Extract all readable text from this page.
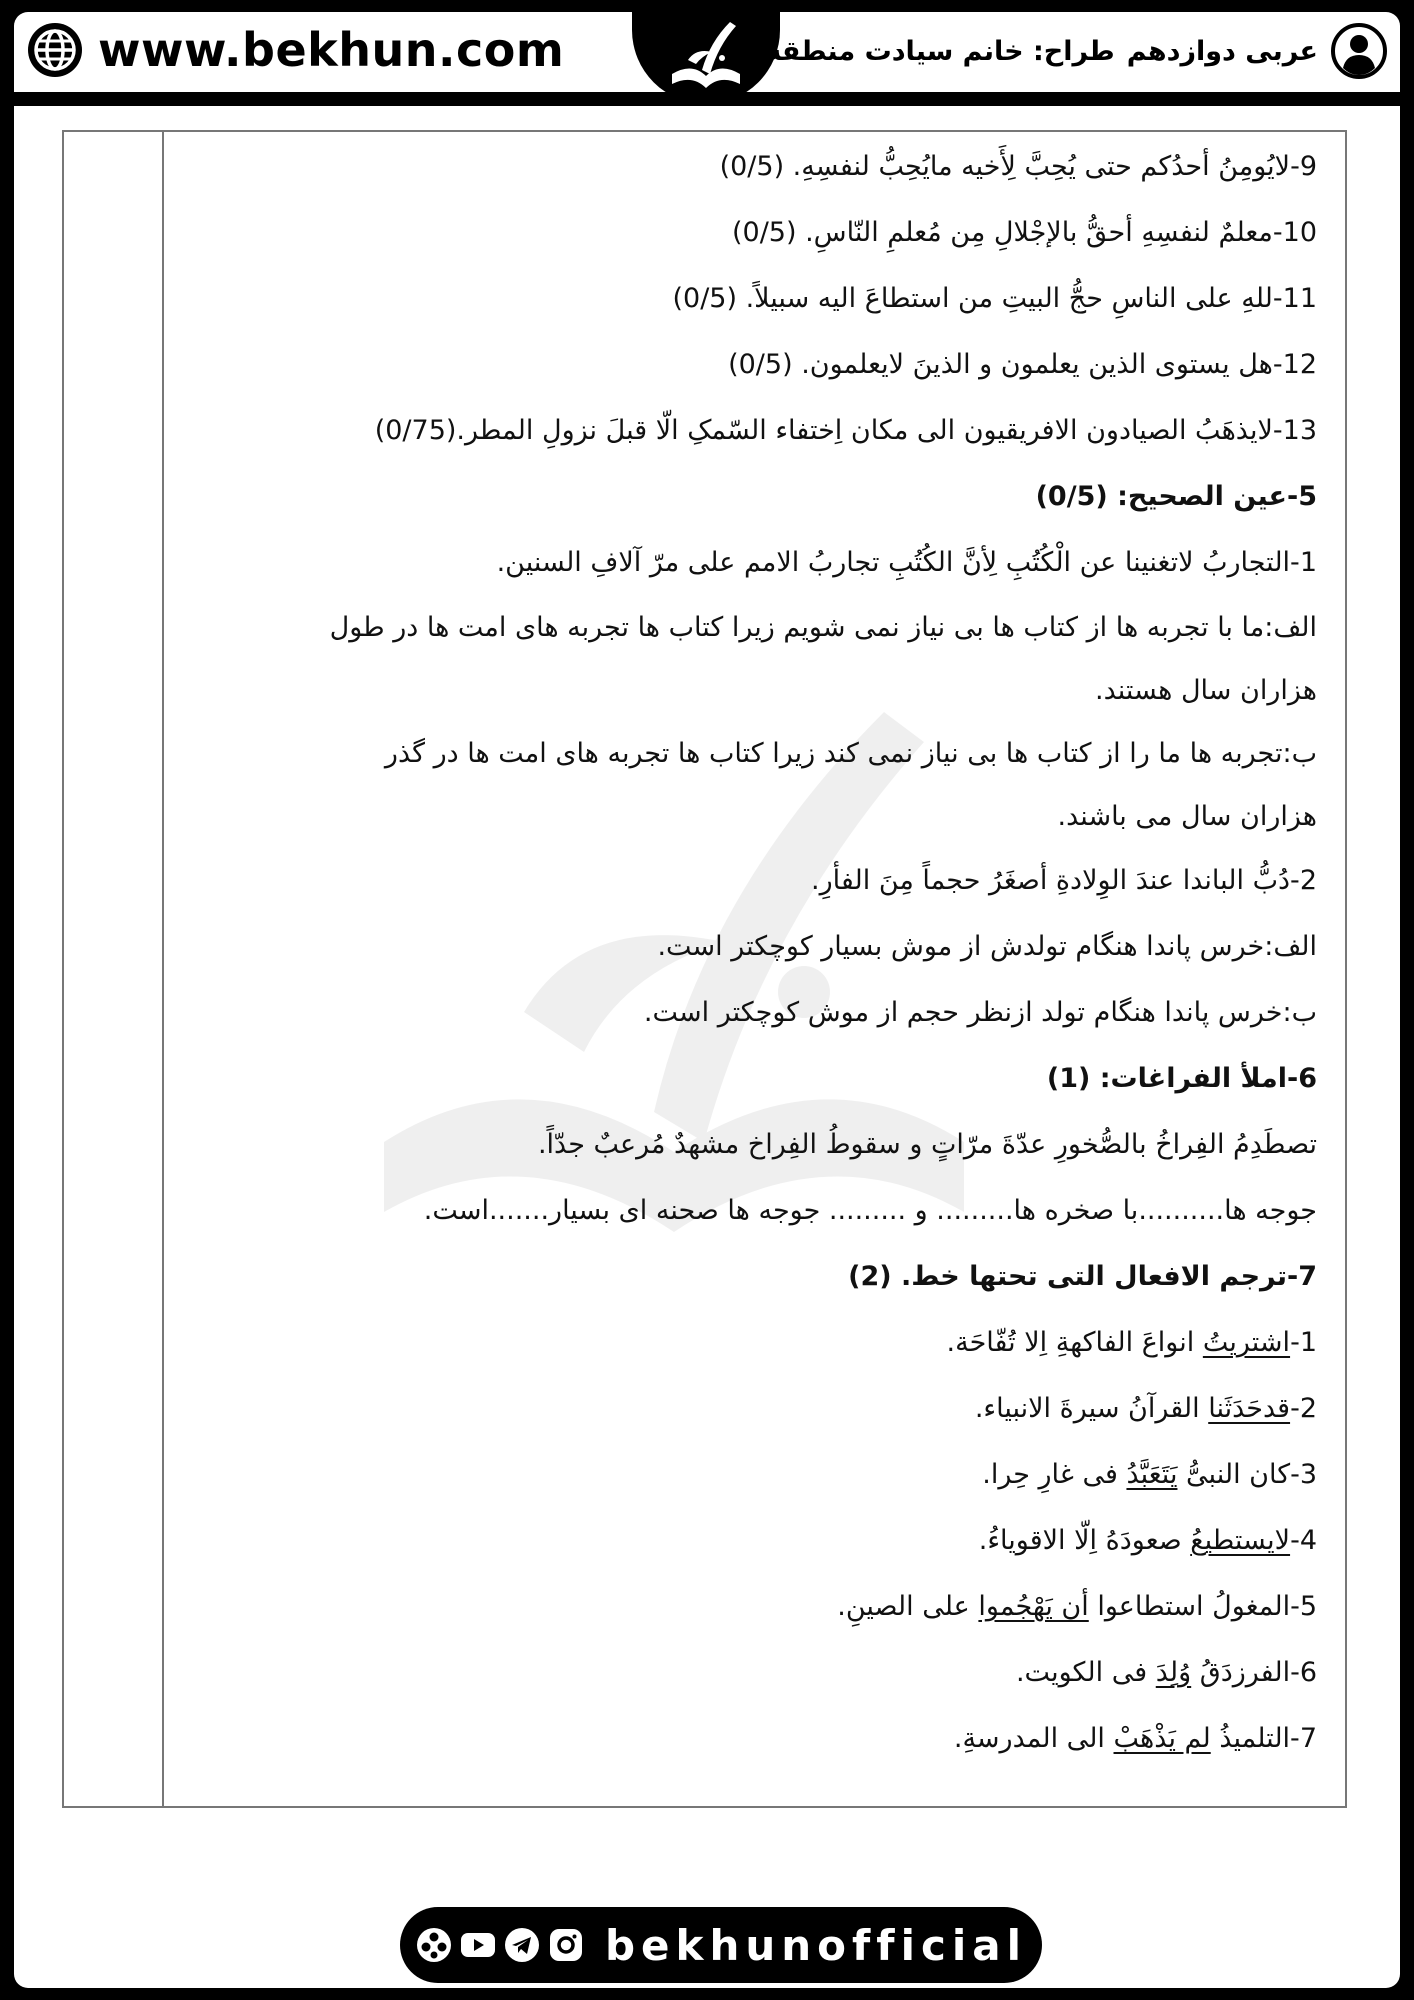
www.bekhun.com	عربی دوازدهم
طراح: خانم سیادت منطقه ۸
9-لایُومِنُ أحدُکم حتی یُحِبَّ لِأَخیه مایُحِبُّ لنفسِهِ. (0/5)
10-معلمٌ لنفسِهِ أحقُّ بالإجْلالِ مِن مُعلمِ النّاسِ. (0/5)
11-للهِ علی الناسِ حجُّ البیتِ من استطاعَ الیه سبیلاً. (0/5)
12-هل یستوی الذین یعلمون و الذینَ لایعلمون. (0/5)
13-لایذهَبُ الصیادون الافریقیون الی مکان اِختفاء السّمکِ الّا قبلَ نزولِ المطر.(0/75)
5-عین الصحیح: (0/5)
1-التجاربُ لاتغنینا عن الْکُتُبِ لِأنَّ الکُتُبِ تجاربُ الامم علی مرّ آلافِ السنین.
الف:ما با تجربه ها از کتاب ها بی نیاز نمی شویم زیرا کتاب ها تجربه های امت ها در طول
هزاران سال هستند.
ب:تجربه ها ما را از کتاب ها بی نیاز نمی کند زیرا کتاب ها تجربه های امت ها در گذر
هزاران سال می باشند.
2-دُبُّ الباندا عندَ الوِلادةِ أصغَرُ حجماً مِنَ الفأرِ.
الف:خرس پاندا هنگام تولدش از موش بسیار کوچکتر است.
ب:خرس پاندا هنگام تولد ازنظر حجم از موش کوچکتر است.
6-املأ الفراغات: (1)
تصطَدِمُ الفِراخُ بالصُّخورِ عدّةَ مرّاتٍ و سقوطُ الفِراخ مشهدٌ مُرعبٌ جدّاً.
جوجه ها..........با صخره ها......... و ......... جوجه ها صحنه ای بسیار.......است.
7-ترجم الافعال التی تحتها خط. (2)
1-اشتریتُ انواعَ الفاکهةِ اِلا تُفّاحَة.
2-قدحَدَثَنا القرآنُ سیرةَ الانبیاء.
3-کان النبیُّ یَتَعَبَّدُ فی غارِ حِرا.
4-لایستطیعُ صعودَهُ اِلّا الاقویاءُ.
5-المغولُ استطاعوا أن یَهْجُموا علی الصینِ.
6-الفرزدَقُ وُلِدَ فی الکویت.
7-التلمیذُ لم یَذْهَبْ الی المدرسةِ.
bekhunofficial
